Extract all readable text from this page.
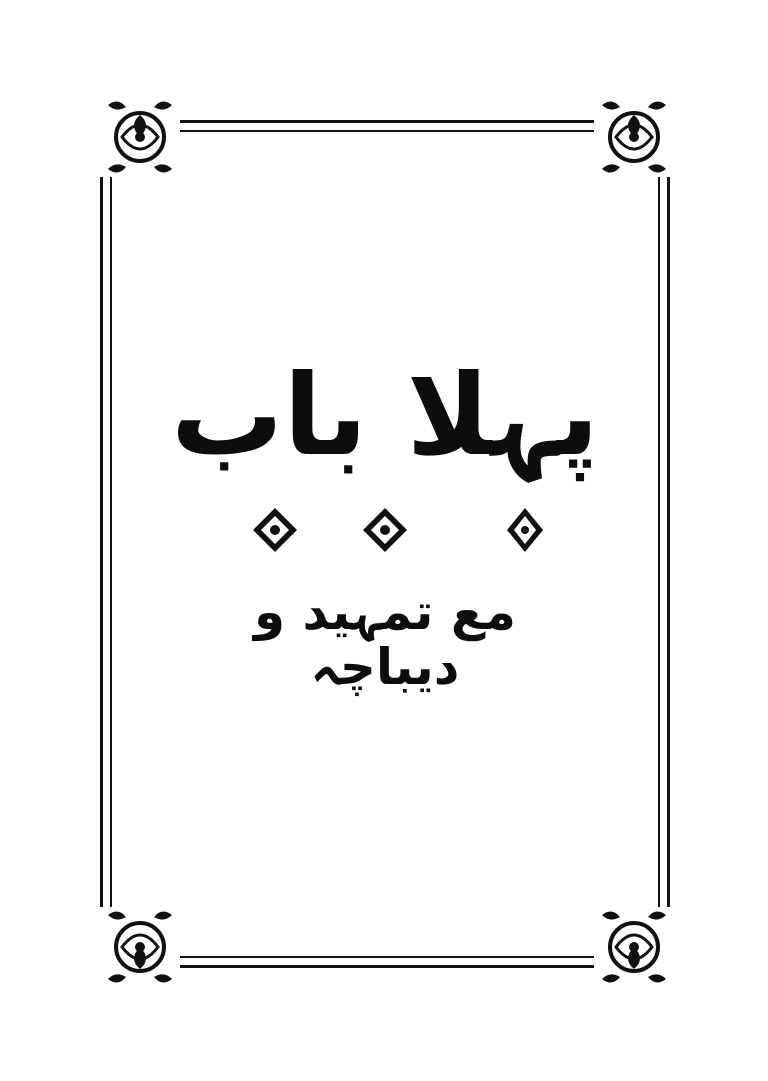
پہلا باب
مع تمہید و دیباچہ
